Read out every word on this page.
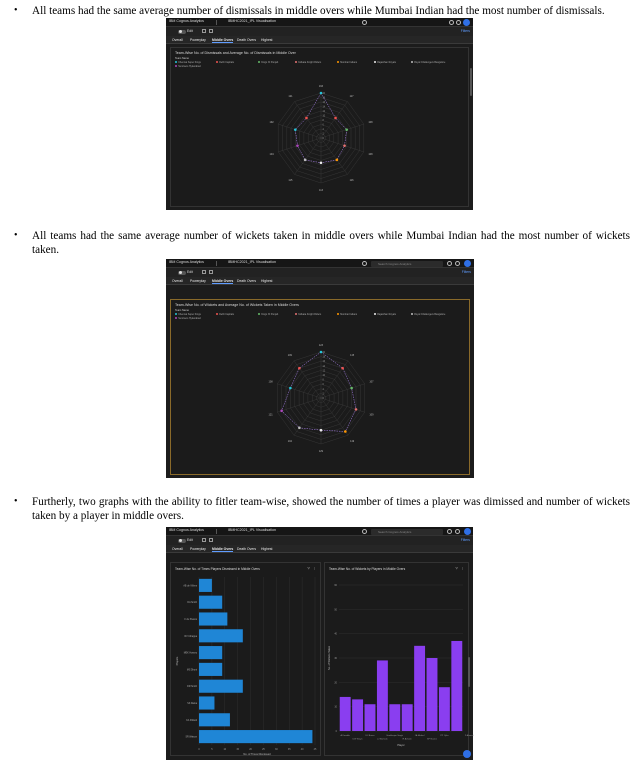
•	All teams had the same average number of dismissals in middle overs while Mumbai Indian had the most number of dismissals.
IBM Cognos Analytics	IBMHC2021_IPL Visualisation
Edit	Filters
Overall Powerplay Middle Overs Death Overs Highest
Team-Wise No. of Dismissals and Average No. of Dismissals in Middle Over
Team Name
Chennai Super Kings	Delhi Capitals	Kings XI Punjab	Kolkata Knight Riders	Mumbai Indians	Rajasthan Royals	Royal Challengers Bangalore
Sunrisers Hyderabad
0
2
4
6
8
10
12
14
16
18
20
193
117
108
108
116
113
115
104
192
121
•	All teams had the same average number of wickets taken in middle overs while Mumbai Indian had the most number of wickets taken.
IBM Cognos Analytics	IBMHC2021_IPL Visualisation	Search Cognos Analytics
Edit	Filters
Overall Powerplay Middle Overs Death Overs Highest
Team-Wise No. of Wickets and Average No. of Wickets Taken in Middle Overs
Team Name
Chennai Super Kings	Delhi Capitals	Kings XI Punjab	Kolkata Knight Riders	Mumbai Indians	Rajasthan Royals	Royal Challengers Bangalore
Sunrisers Hyderabad
0
2
4
6
8
10
12
14
16
18
20
123
115
107
109
119
129
104
121
108
109
•	Furtherly, two graphs with the ability to fitler team-wise, showed the number of times a player was dimissed and number of wickets taken by a player in middle overs.
IBM Cognos Analytics	IBMHC2021_IPL Visualisation	Search Cognos Analytics
Edit	Filters
Overall Powerplay Middle Overs Death Overs Highest
Team-Wise No. of Times Players Dismissed in Middle Overs	▽ ⋮
0	5	10	15	20	25	30	35	40	45
No. of Times Dismissed
Players
AB de Villiers
DA Smith
F du Plessis
RV Uthappa
MEK Hussey
MS Dhoni
DR Smith
SK Raina
KA Pollard
SR Watson
Team-Wise No. of Wickets by Players in Middle Overs	▽ ⋮
0
10
20
30
40
50
60
No. of Wickets Taken
Player
A Kumble	DJ Bravo	Harbhajan Singh	JA Morkel	PP Ojha	Z Ahmed
DW Steyn	JJ Bumrah	R Ashwin	SP Narine
